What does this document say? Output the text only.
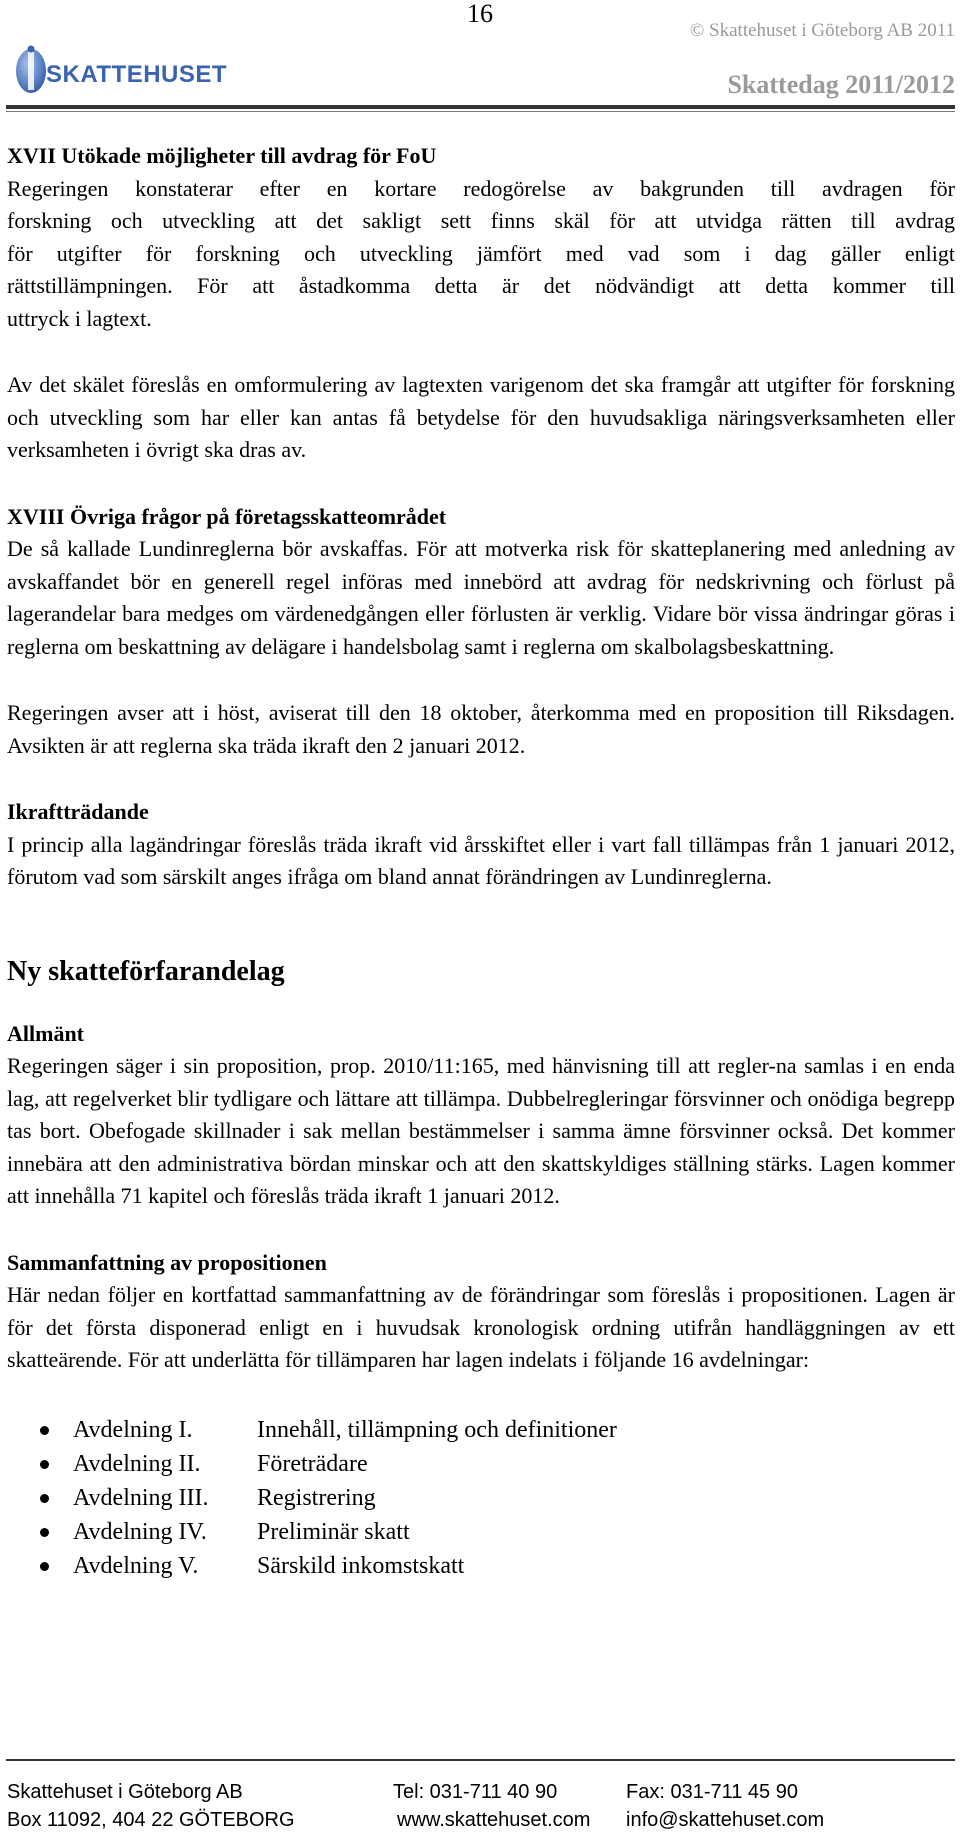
16
SKATTEHUSET
© Skattehuset i Göteborg AB 2011
Skattedag 2011/2012
XVII Utökade möjligheter till avdrag för FoU
Regeringen konstaterar efter en kortare redogörelse av bakgrunden till avdragen för
forskning och utveckling att det sakligt sett finns skäl för att utvidga rätten till avdrag
för utgifter för forskning och utveckling jämfört med vad som i dag gäller enligt
rättstillämpningen. För att åstadkomma detta är det nödvändigt att detta kommer till
uttryck i lagtext.

Av det skälet föreslås en omformulering av lagtexten varigenom det ska framgår att utgifter för forskning och utveckling som har eller kan antas få betydelse för den huvudsakliga näringsverksamheten eller verksamheten i övrigt ska dras av.

XVIII Övriga frågor på företagsskatteområdet

De så kallade Lundinreglerna bör avskaffas. För att motverka risk för skatteplanering med anledning av avskaffandet bör en generell regel införas med innebörd att avdrag för nedskrivning och förlust på lagerandelar bara medges om värdenedgången eller förlusten är verklig. Vidare bör vissa ändringar göras i reglerna om beskattning av delägare i handelsbolag samt i reglerna om skalbolagsbeskattning.

Regeringen avser att i höst, aviserat till den 18 oktober, återkomma med en proposition till Riksdagen. Avsikten är att reglerna ska träda ikraft den 2 januari 2012.

Ikraftträdande

I princip alla lagändringar föreslås träda ikraft vid årsskiftet eller i vart fall tillämpas från 1 januari 2012, förutom vad som särskilt anges ifråga om bland annat förändringen av Lundinreglerna.

Ny skatteförfarandelag
Allmänt

Regeringen säger i sin proposition, prop. 2010/11:165, med hänvisning till att regler-na samlas i en enda lag, att regelverket blir tydligare och lättare att tillämpa. Dubbelregleringar försvinner och onödiga begrepp tas bort. Obefogade skillnader i sak mellan bestämmelser i samma ämne försvinner också. Det kommer innebära att den administrativa bördan minskar och att den skattskyldiges ställning stärks. Lagen kommer att innehålla 71 kapitel och föreslås träda ikraft 1 januari 2012.

Sammanfattning av propositionen

Här nedan följer en kortfattad sammanfattning av de förändringar som föreslås i propositionen. Lagen är för det första disponerad enligt en i huvudsak kronologisk ordning utifrån handläggningen av ett skatteärende. För att underlätta för tillämparen har lagen indelats i följande 16 avdelningar:

Avdelning I.	Innehåll, tillämpning och definitioner
Avdelning II. Företrädare
Avdelning III. Registrering
Avdelning IV. Preliminär skatt
Avdelning V. Särskild inkomstskatt
Skattehuset i Göteborg AB
Box 11092, 404 22 GÖTEBORG
Tel: 031-711 40 90
www.skattehuset.com
Fax: 031-711 45 90
info@skattehuset.com
